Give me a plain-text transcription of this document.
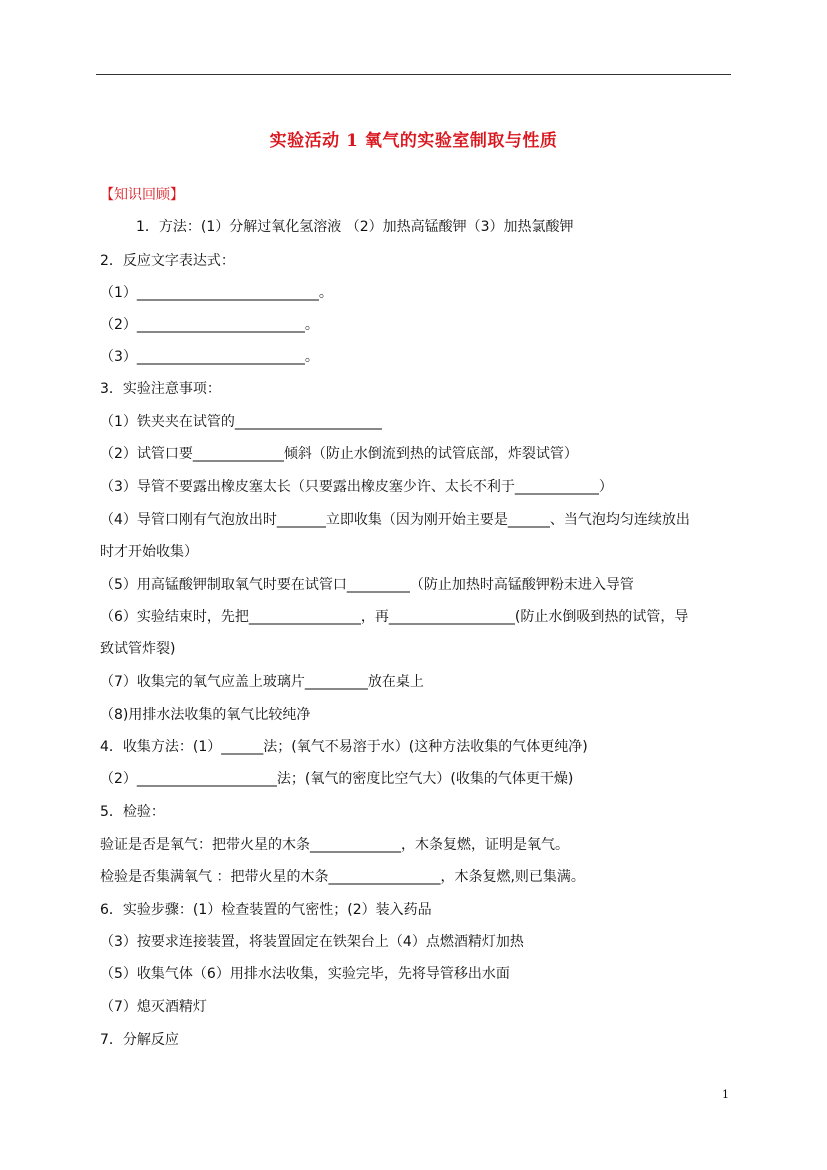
实验活动 1 氧气的实验室制取与性质
【知识回顾】
1．方法：(1）分解过氧化氢溶液 （2）加热高锰酸钾（3）加热氯酸钾
2．反应文字表达式：
（1）__________________________。
（2）________________________。
（3）________________________。
3．实验注意事项：
（1）铁夹夹在试管的_____________________
（2）试管口要_____________倾斜（防止水倒流到热的试管底部，炸裂试管）
（3）导管不要露出橡皮塞太长（只要露出橡皮塞少许、太长不利于____________）
（4）导管口刚有气泡放出时_______立即收集（因为刚开始主要是______、当气泡均匀连续放出
时才开始收集）
（5）用高锰酸钾制取氧气时要在试管口_________（防止加热时高锰酸钾粉末进入导管
（6）实验结束时，先把________________，再__________________(防止水倒吸到热的试管，导
致试管炸裂)
（7）收集完的氧气应盖上玻璃片_________放在桌上
（8)用排水法收集的氧气比较纯净
4．收集方法：(1）______法；(氧气不易溶于水）(这种方法收集的气体更纯净)
（2）____________________法；(氧气的密度比空气大）(收集的气体更干燥)
5．检验：
验证是否是氧气：把带火星的木条_____________，木条复燃，证明是氧气。
检验是否集满氧气 ：把带火星的木条________________，木条复燃,则已集满。
6．实验步骤：(1）检查装置的气密性；(2）装入药品
（3）按要求连接装置，将装置固定在铁架台上（4）点燃酒精灯加热
（5）收集气体（6）用排水法收集，实验完毕，先将导管移出水面
（7）熄灭酒精灯
7．分解反应
1
